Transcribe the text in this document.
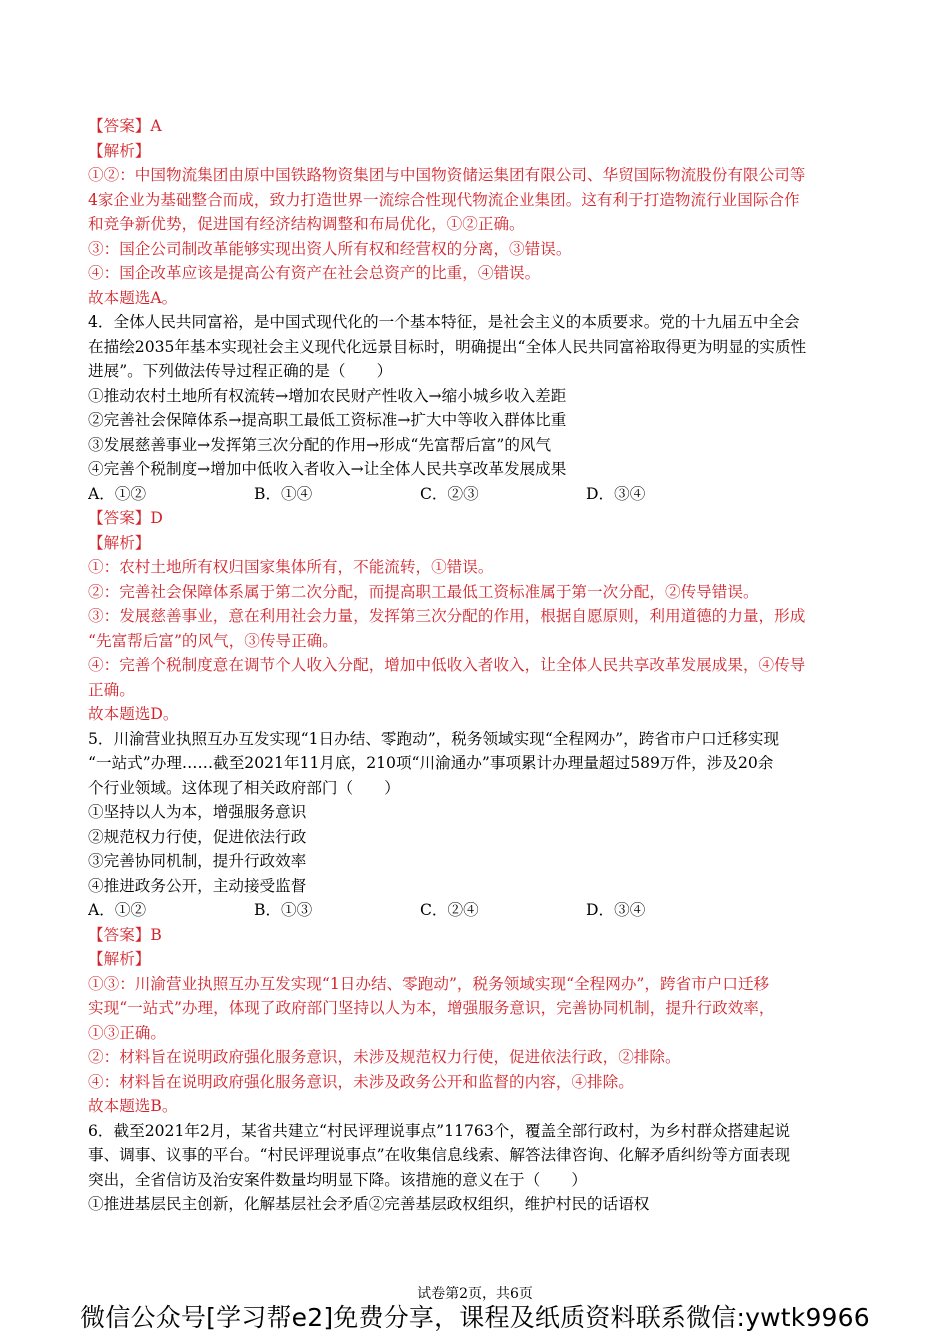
【答案】A
【解析】
①②：中国物流集团由原中国铁路物资集团与中国物资储运集团有限公司、华贸国际物流股份有限公司等
4家企业为基础整合而成，致力打造世界一流综合性现代物流企业集团。这有利于打造物流行业国际合作
和竞争新优势，促进国有经济结构调整和布局优化，①②正确。
③：国企公司制改革能够实现出资人所有权和经营权的分离，③错误。
④：国企改革应该是提高公有资产在社会总资产的比重，④错误。
故本题选A。
4．全体人民共同富裕，是中国式现代化的一个基本特征，是社会主义的本质要求。党的十九届五中全会
在描绘2035年基本实现社会主义现代化远景目标时，明确提出“全体人民共同富裕取得更为明显的实质性
进展”。下列做法传导过程正确的是（　　）
①推动农村土地所有权流转→增加农民财产性收入→缩小城乡收入差距
②完善社会保障体系→提高职工最低工资标准→扩大中等收入群体比重
③发展慈善事业→发挥第三次分配的作用→形成“先富帮后富”的风气
④完善个税制度→增加中低收入者收入→让全体人民共享改革发展成果
A．①②	B．①④	C．②③	D．③④
【答案】D
【解析】
①：农村土地所有权归国家集体所有，不能流转，①错误。
②：完善社会保障体系属于第二次分配，而提高职工最低工资标准属于第一次分配，②传导错误。
③：发展慈善事业，意在利用社会力量，发挥第三次分配的作用，根据自愿原则，利用道德的力量，形成
“先富帮后富”的风气，③传导正确。
④：完善个税制度意在调节个人收入分配，增加中低收入者收入，让全体人民共享改革发展成果，④传导
正确。
故本题选D。
5．川渝营业执照互办互发实现“1日办结、零跑动”，税务领域实现“全程网办”，跨省市户口迁移实现
“一站式”办理……截至2021年11月底，210项“川渝通办”事项累计办理量超过589万件，涉及20余
个行业领域。这体现了相关政府部门（　　）
①坚持以人为本，增强服务意识
②规范权力行使，促进依法行政
③完善协同机制，提升行政效率
④推进政务公开，主动接受监督
A．①②	B．①③	C．②④	D．③④
【答案】B
【解析】
①③：川渝营业执照互办互发实现“1日办结、零跑动”，税务领域实现“全程网办”，跨省市户口迁移
实现“一站式”办理，体现了政府部门坚持以人为本，增强服务意识，完善协同机制，提升行政效率，
①③正确。
②：材料旨在说明政府强化服务意识，未涉及规范权力行使，促进依法行政，②排除。
④：材料旨在说明政府强化服务意识，未涉及政务公开和监督的内容，④排除。
故本题选B。
6．截至2021年2月，某省共建立“村民评理说事点”11763个，覆盖全部行政村，为乡村群众搭建起说
事、调事、议事的平台。“村民评理说事点”在收集信息线索、解答法律咨询、化解矛盾纠纷等方面表现
突出，全省信访及治安案件数量均明显下降。该措施的意义在于（　　）
①推进基层民主创新，化解基层社会矛盾②完善基层政权组织，维护村民的话语权
试卷第2页，共6页
微信公众号[学习帮e2]免费分享，课程及纸质资料联系微信:ywtk9966
